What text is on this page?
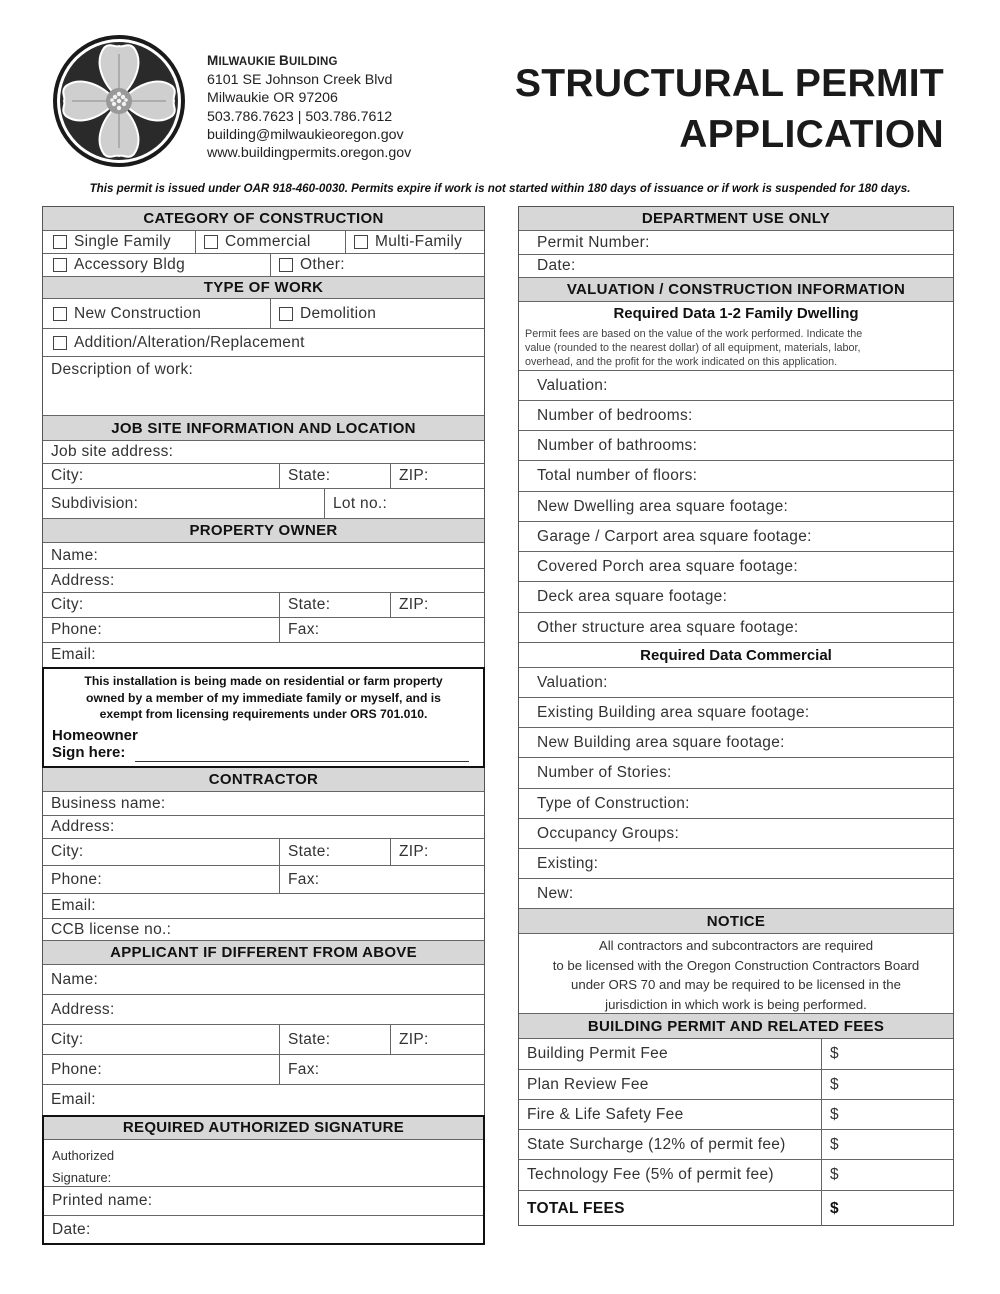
MILWAUKIE BUILDING
6101 SE Johnson Creek Blvd
Milwaukie OR 97206
503.786.7623 | 503.786.7612
building@milwaukieoregon.gov
www.buildingpermits.oregon.gov
STRUCTURAL PERMIT
APPLICATION
This permit is issued under OAR 918-460-0030. Permits expire if work is not started within 180 days of issuance or if work is suspended for 180 days.
CATEGORY OF CONSTRUCTION
Single Family	Commercial	Multi-Family
Accessory Bldg	Other:
TYPE OF WORK
New Construction	Demolition
Addition/Alteration/Replacement
Description of work:
JOB SITE INFORMATION AND LOCATION
Job site address:
City:	State:	ZIP:
Subdivision:	Lot no.:
PROPERTY OWNER
Name:
Address:
City:	State:	ZIP:
Phone:	Fax:
Email:
This installation is being made on residential or farm property
owned by a member of my immediate family or myself, and is
exempt from licensing requirements under ORS 701.010.
Homeowner
Sign here:
CONTRACTOR
Business name:
Address:
City:	State:	ZIP:
Phone:	Fax:
Email:
CCB license no.:
APPLICANT IF DIFFERENT FROM ABOVE
Name:
Address:
City:	State:	ZIP:
Phone:	Fax:
Email:
REQUIRED AUTHORIZED SIGNATURE
Authorized
Signature:
Printed name:
Date:
DEPARTMENT USE ONLY
Permit Number:
Date:
VALUATION / CONSTRUCTION INFORMATION
Required Data 1-2 Family Dwelling
Permit fees are based on the value of the work performed. Indicate the
value (rounded to the nearest dollar) of all equipment, materials, labor,
overhead, and the profit for the work indicated on this application.
Valuation:
Number of bedrooms:
Number of bathrooms:
Total number of floors:
New Dwelling area square footage:
Garage / Carport area square footage:
Covered Porch area square footage:
Deck area square footage:
Other structure area square footage:
Required Data Commercial
Valuation:
Existing Building area square footage:
New Building area square footage:
Number of Stories:
Type of Construction:
Occupancy Groups:
Existing:
New:
NOTICE
All contractors and subcontractors are required
to be licensed with the Oregon Construction Contractors Board
under ORS 70 and may be required to be licensed in the
jurisdiction in which work is being performed.
BUILDING PERMIT AND RELATED FEES
Building Permit Fee	$
Plan Review Fee	$
Fire & Life Safety Fee	$
State Surcharge (12% of permit fee)	$
Technology Fee (5% of permit fee)	$
TOTAL FEES	$
